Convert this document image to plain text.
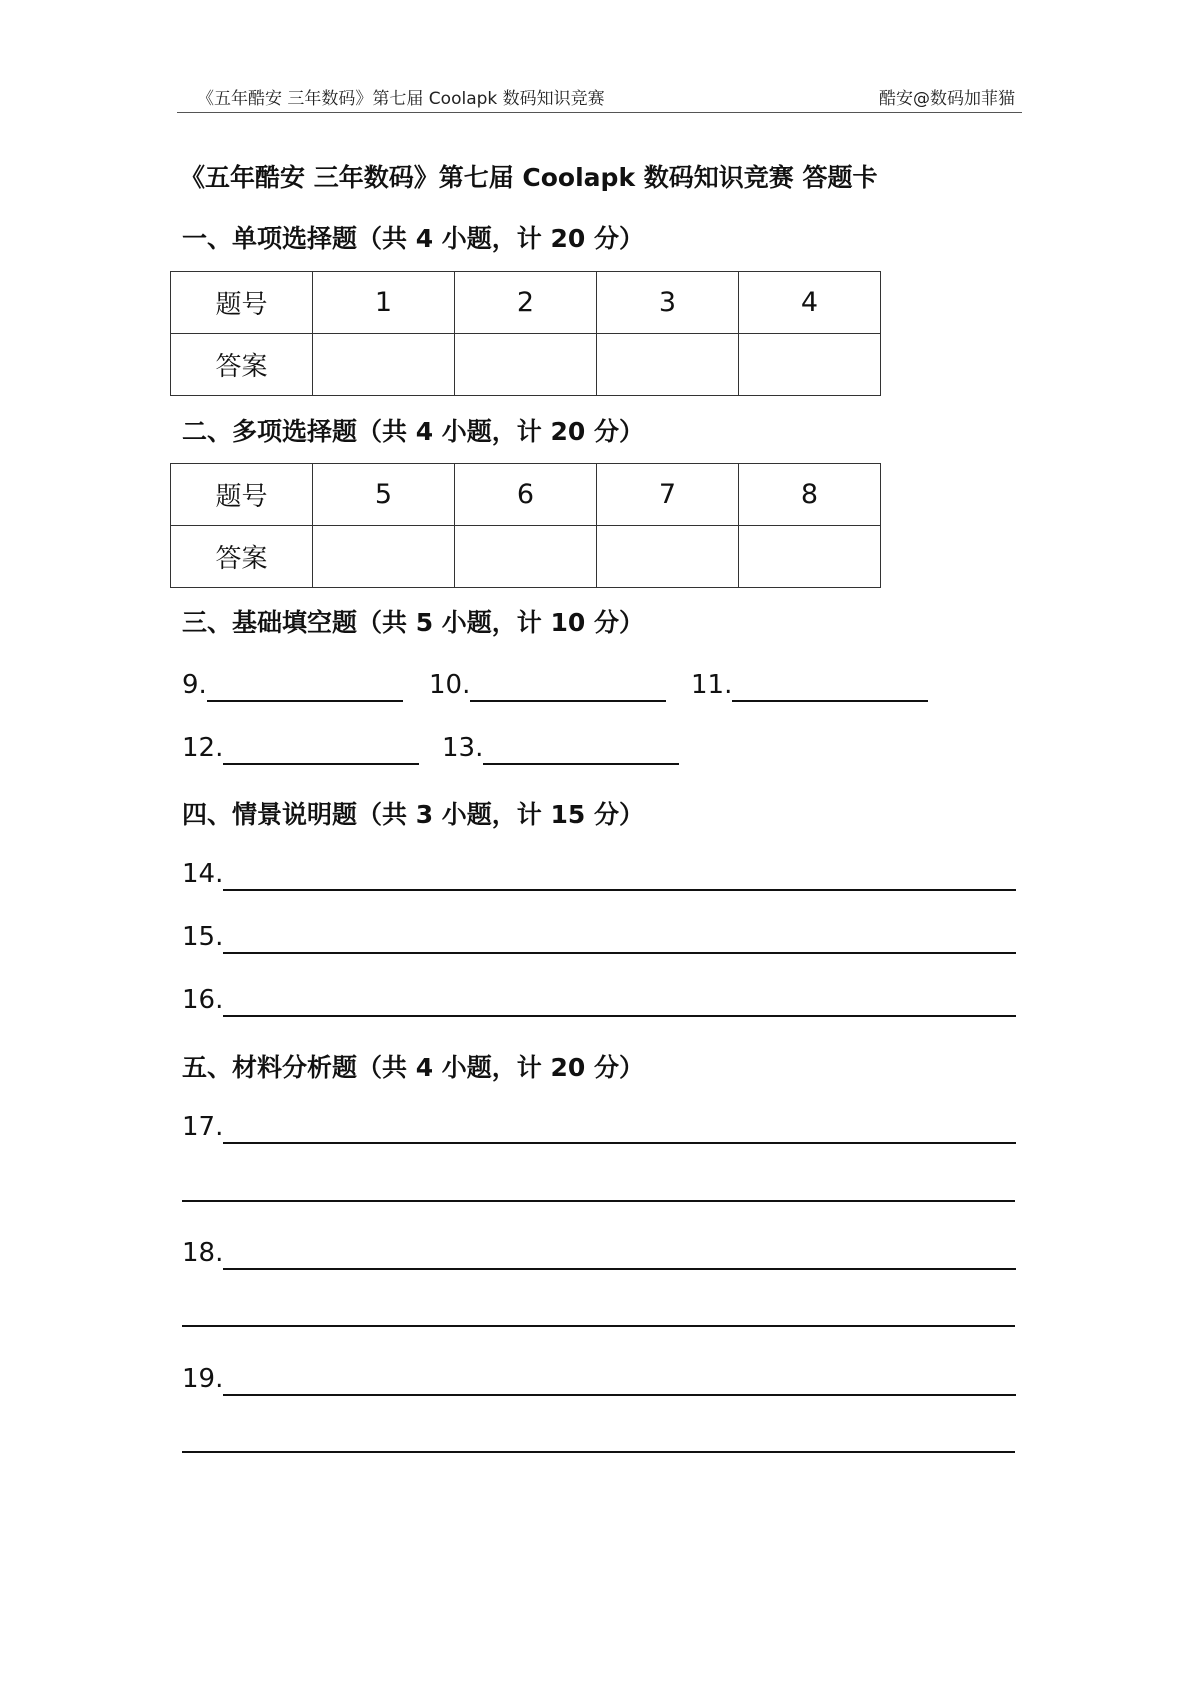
《五年酷安 三年数码》第七届 Coolapk 数码知识竞赛	酷安@数码加菲猫
《五年酷安 三年数码》第七届 Coolapk 数码知识竞赛 答题卡
一、单项选择题（共 4 小题，计 20 分）
题号	1	2	3	4
答案				
二、多项选择题（共 4 小题，计 20 分）
题号	5	6	7	8
答案				
三、基础填空题（共 5 小题，计 10 分）
9.	10.	11.
12.	13.
四、情景说明题（共 3 小题，计 15 分）
14.
15.
16.
五、材料分析题（共 4 小题，计 20 分）
17.
18.
19.
